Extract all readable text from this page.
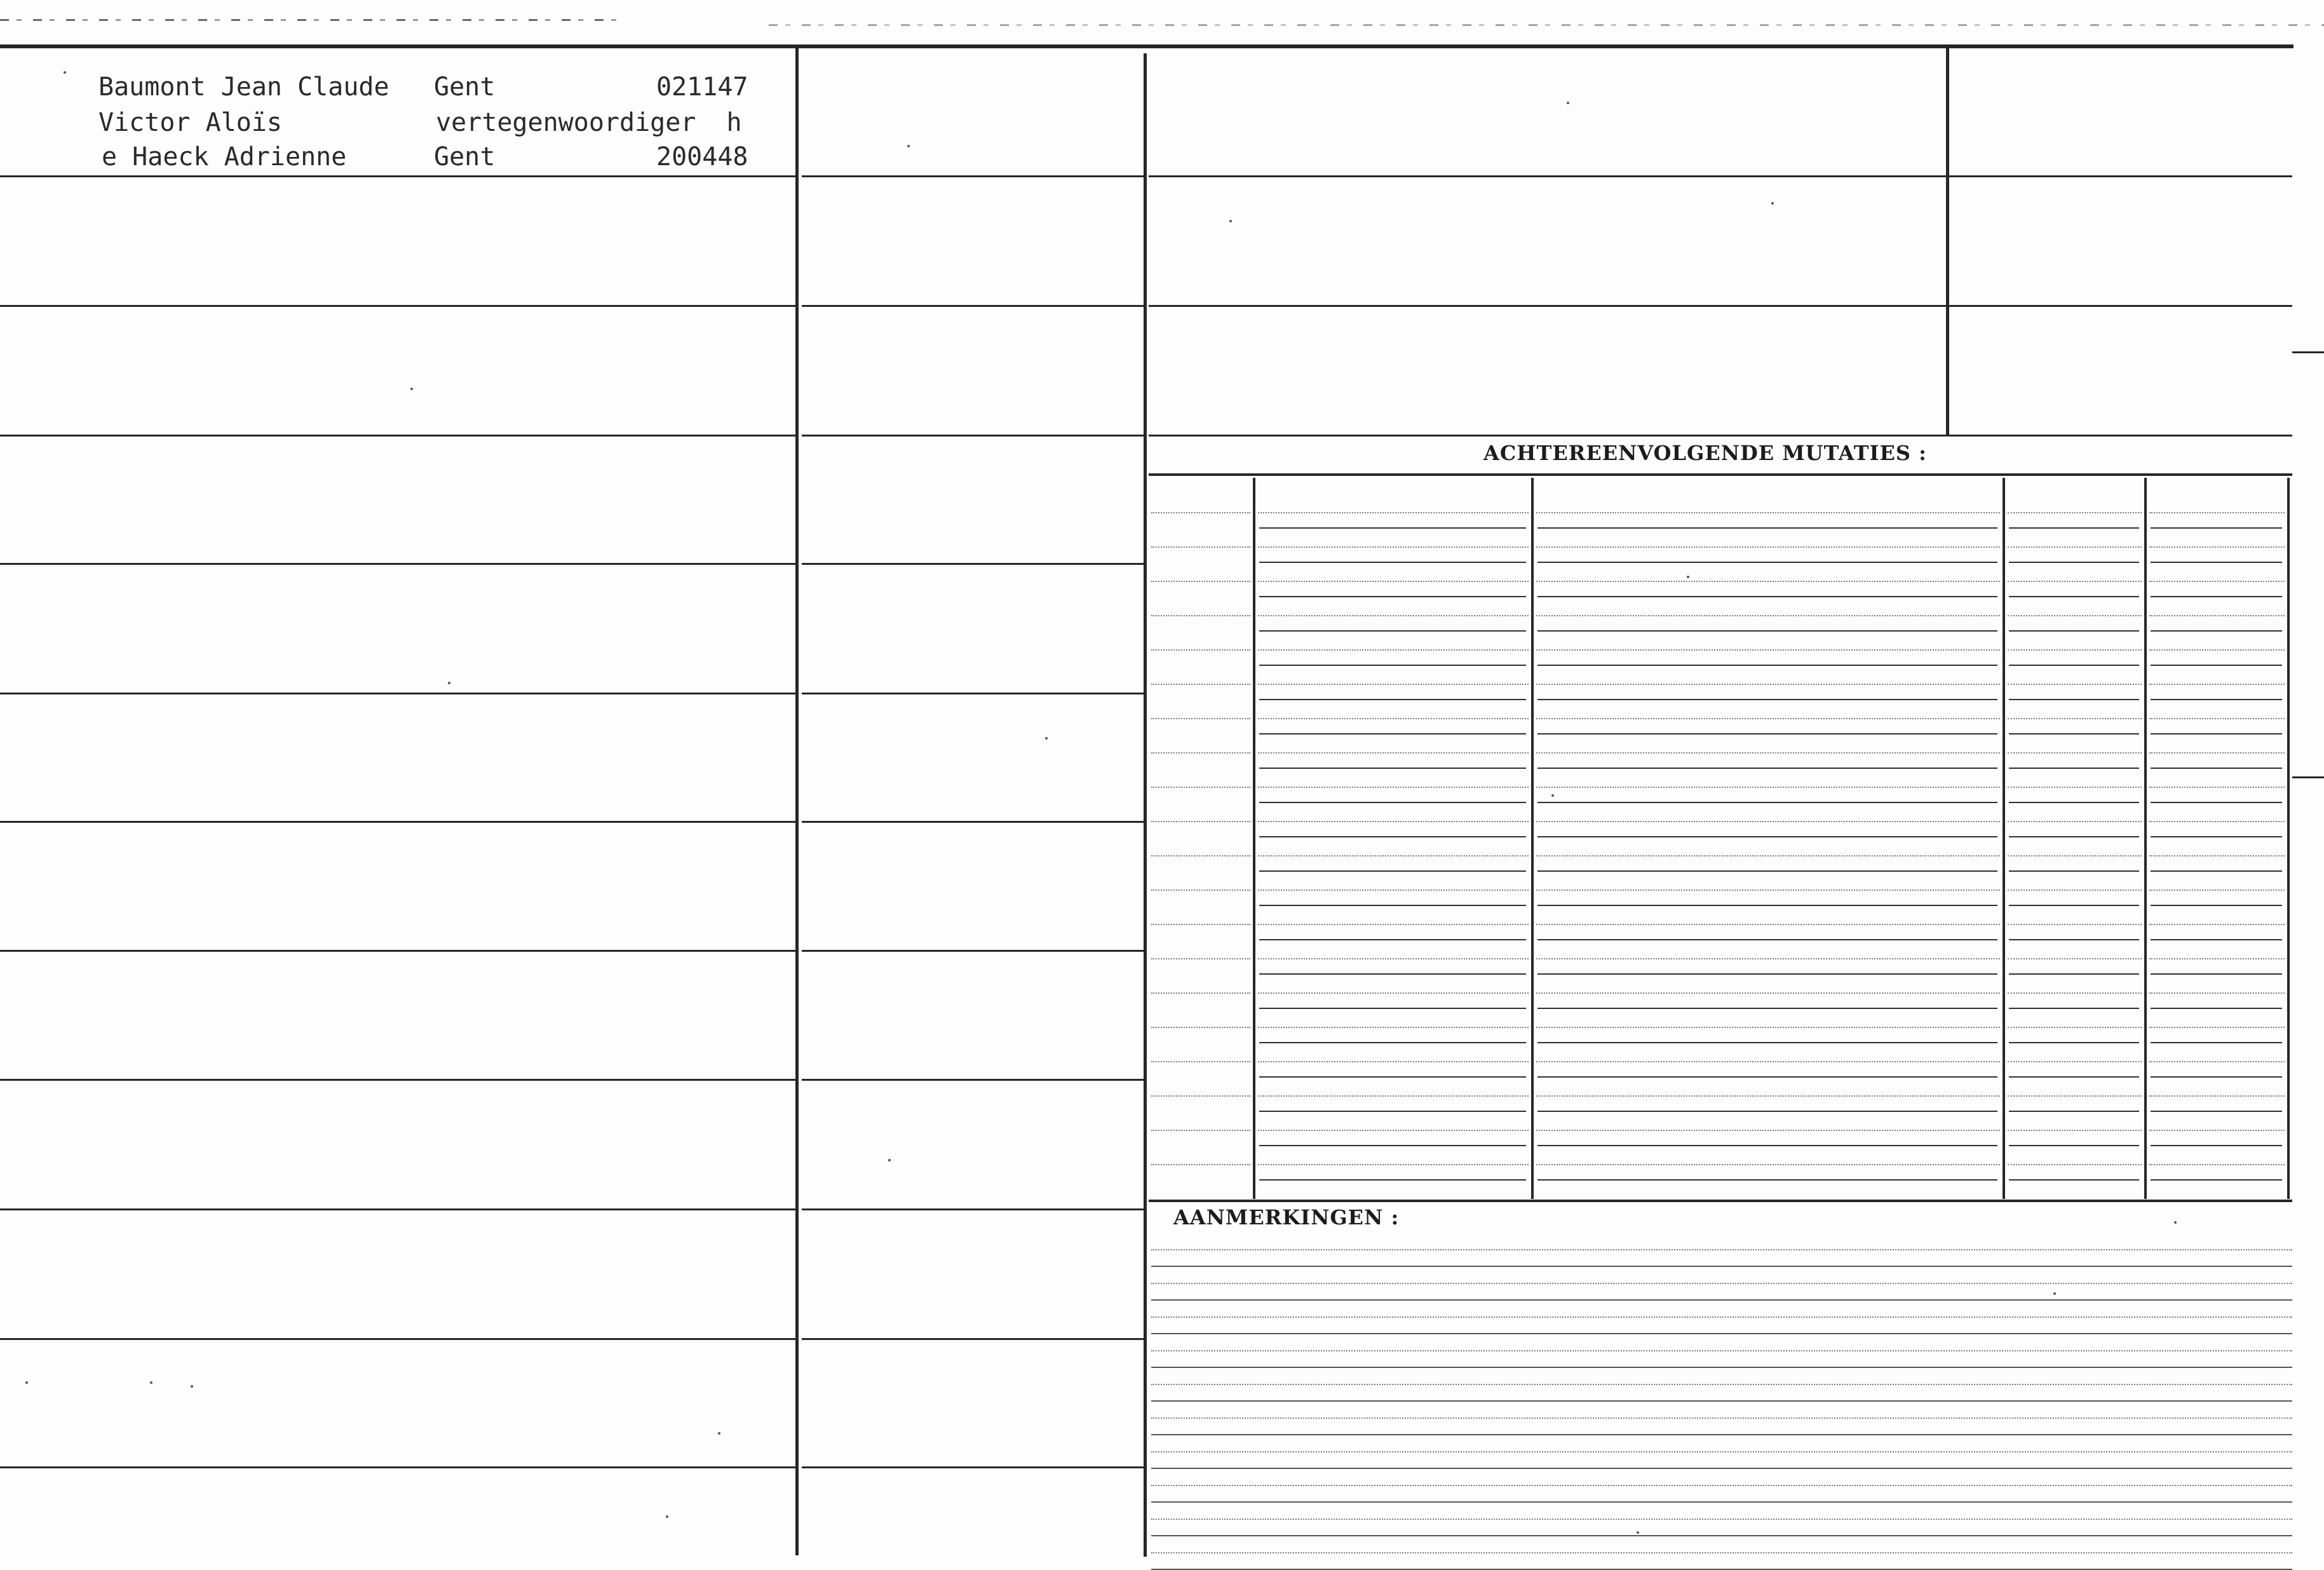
Baumont Jean Claude
Victor Aloïs
e Haeck Adrienne
Gent	021147
vertegenwoordiger  h
Gent	200448
ACHTEREENVOLGENDE MUTATIES :
AANMERKINGEN :
